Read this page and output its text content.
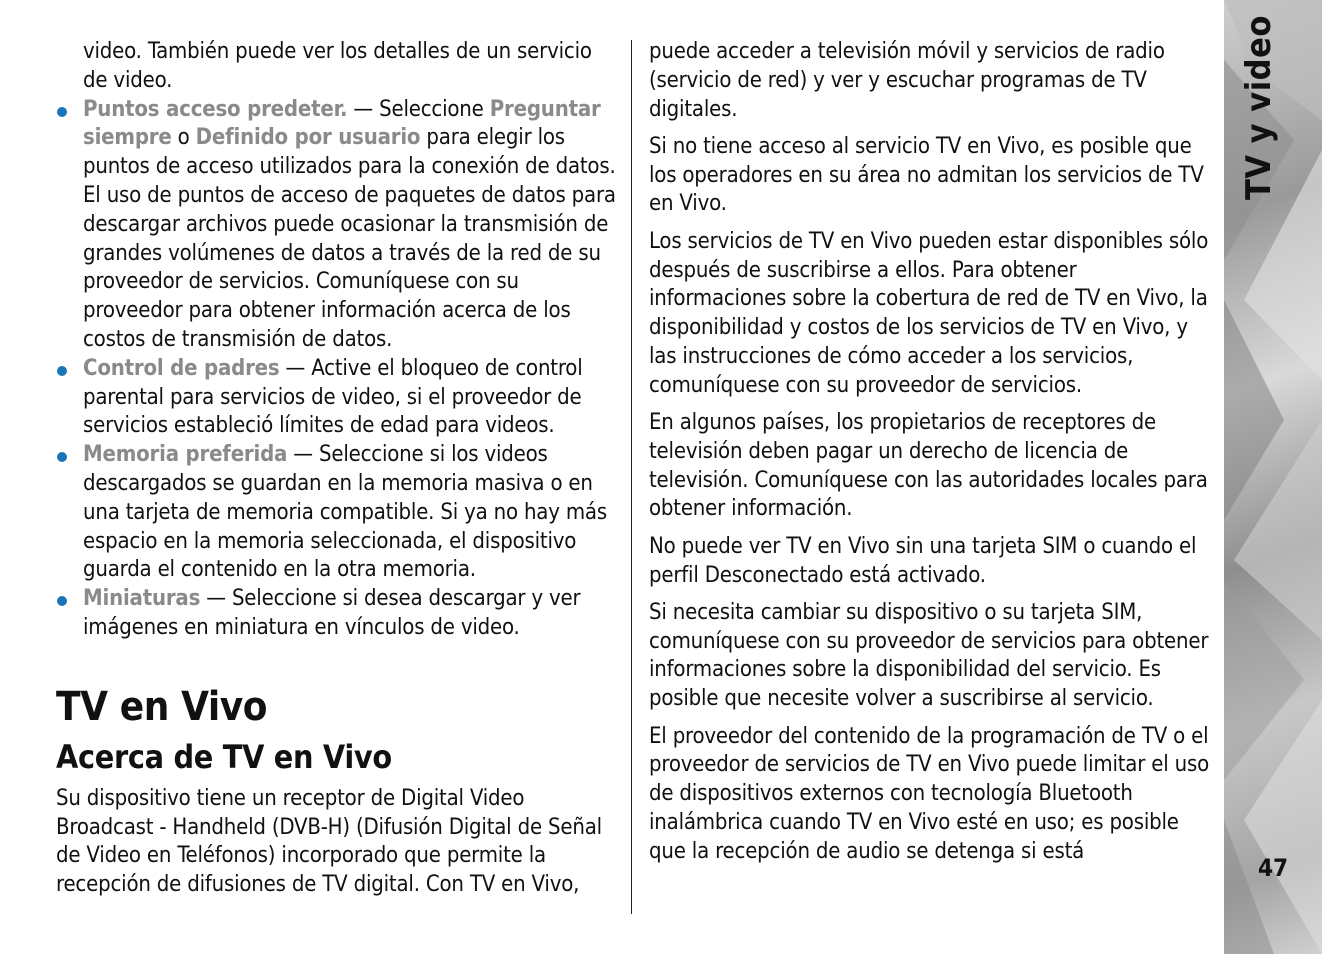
video. También puede ver los detalles de un servicio de video.

Puntos acceso predeter. — Seleccione Preguntar siempre o Definido por usuario para elegir los puntos de acceso utilizados para la conexión de datos. El uso de puntos de acceso de paquetes de datos para descargar archivos puede ocasionar la transmisión de grandes volúmenes de datos a través de la red de su proveedor de servicios. Comuníquese con su proveedor para obtener información acerca de los costos de transmisión de datos.
Control de padres — Active el bloqueo de control parental para servicios de video, si el proveedor de servicios estableció límites de edad para videos.
Memoria preferida — Seleccione si los videos descargados se guardan en la memoria masiva o en una tarjeta de memoria compatible. Si ya no hay más espacio en la memoria seleccionada, el dispositivo guarda el contenido en la otra memoria.
Miniaturas — Seleccione si desea descargar y ver imágenes en miniatura en vínculos de video.
TV en Vivo
Acerca de TV en Vivo

Su dispositivo tiene un receptor de Digital Video Broadcast - Handheld (DVB-H) (Difusión Digital de Señal de Video en Teléfonos) incorporado que permite la recepción de difusiones de TV digital. Con TV en Vivo,

puede acceder a televisión móvil y servicios de radio (servicio de red) y ver y escuchar programas de TV digitales.

Si no tiene acceso al servicio TV en Vivo, es posible que los operadores en su área no admitan los servicios de TV en Vivo.

Los servicios de TV en Vivo pueden estar disponibles sólo después de suscribirse a ellos. Para obtener informaciones sobre la cobertura de red de TV en Vivo, la disponibilidad y costos de los servicios de TV en Vivo, y las instrucciones de cómo acceder a los servicios, comuníquese con su proveedor de servicios.

En algunos países, los propietarios de receptores de televisión deben pagar un derecho de licencia de televisión. Comuníquese con las autoridades locales para obtener información.

No puede ver TV en Vivo sin una tarjeta SIM o cuando el perfil Desconectado está activado.

Si necesita cambiar su dispositivo o su tarjeta SIM, comuníquese con su proveedor de servicios para obtener informaciones sobre la disponibilidad del servicio. Es posible que necesite volver a suscribirse al servicio.

El proveedor del contenido de la programación de TV o el proveedor de servicios de TV en Vivo puede limitar el uso de dispositivos externos con tecnología Bluetooth inalámbrica cuando TV en Vivo esté en uso; es posible que la recepción de audio se detenga si está

TV y video
47
